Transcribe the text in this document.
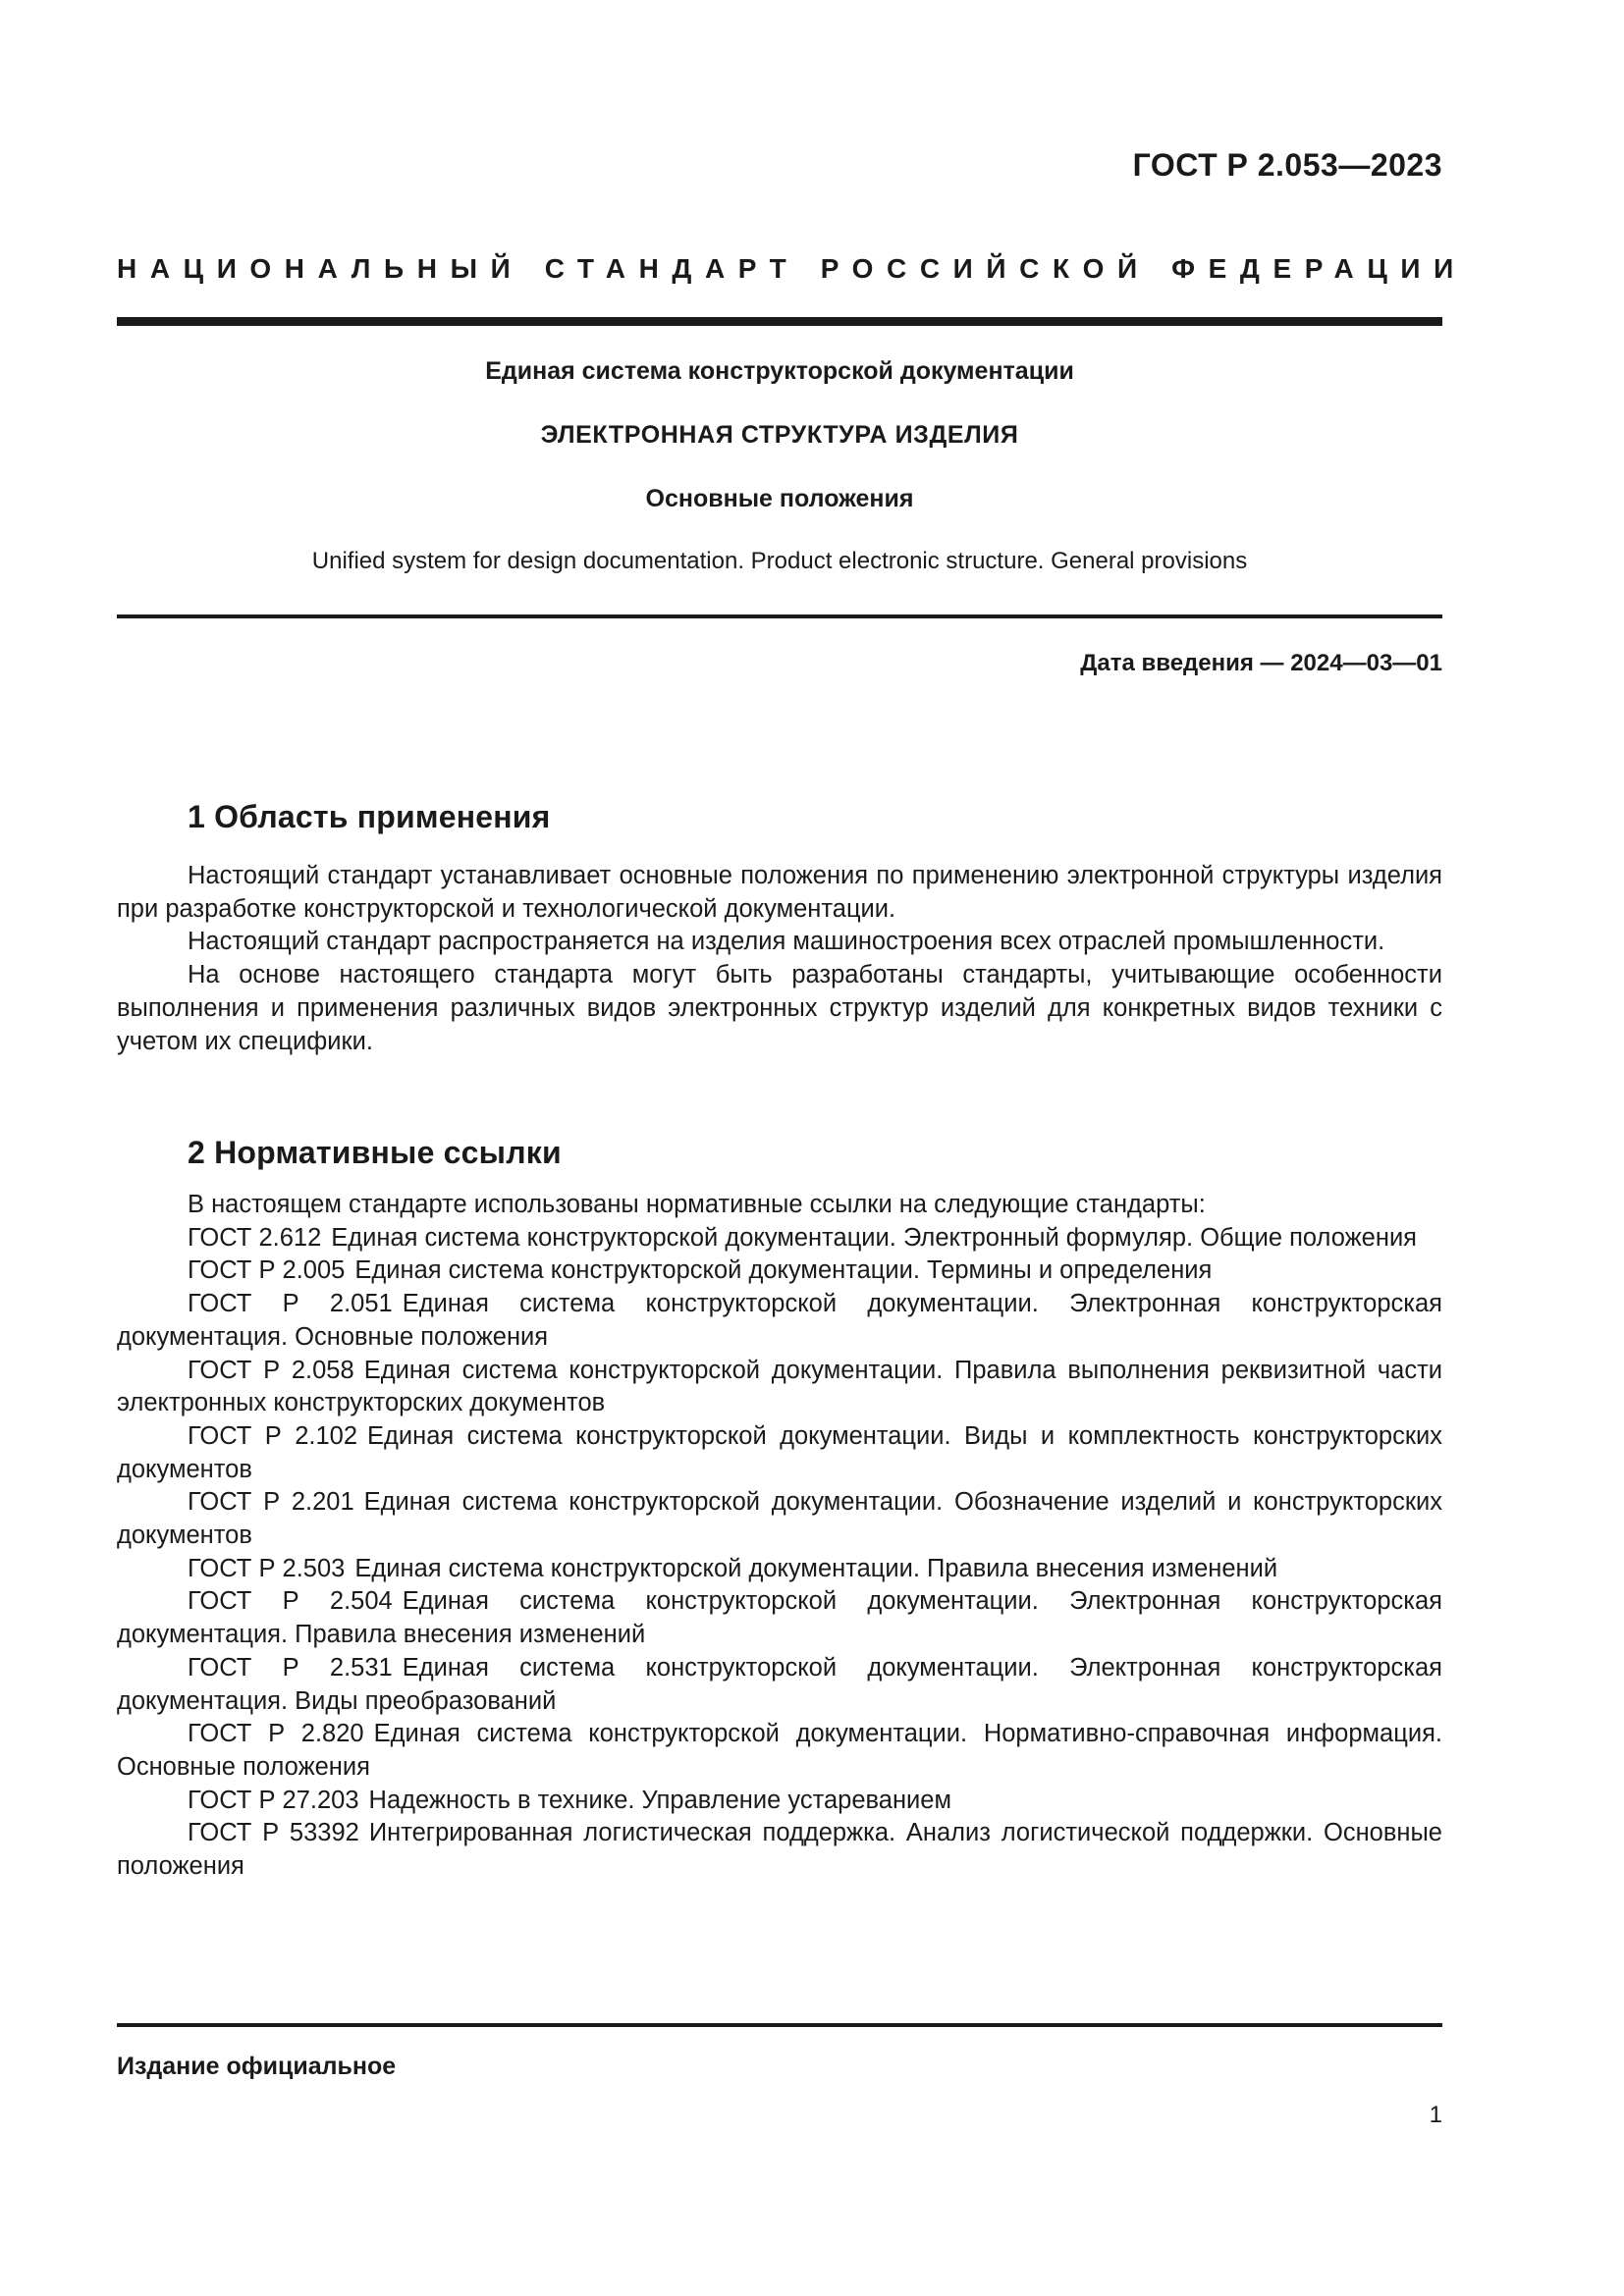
ГОСТ Р 2.053—2023
НАЦИОНАЛЬНЫЙ СТАНДАРТ РОССИЙСКОЙ ФЕДЕРАЦИИ
Единая система конструкторской документации
ЭЛЕКТРОННАЯ СТРУКТУРА ИЗДЕЛИЯ
Основные положения
Unified system for design documentation. Product electronic structure. General provisions
Дата введения — 2024—03—01
1 Область применения

Настоящий стандарт устанавливает основные положения по применению электронной структуры изделия при разработке конструкторской и технологической документации.

Настоящий стандарт распространяется на изделия машиностроения всех отраслей промышленности.

На основе настоящего стандарта могут быть разработаны стандарты, учитывающие особенности выполнения и применения различных видов электронных структур изделий для конкретных видов техники с учетом их специфики.

2 Нормативные ссылки

В настоящем стандарте использованы нормативные ссылки на следующие стандарты:

ГОСТ 2.612 Единая система конструкторской документации. Электронный формуляр. Общие положения

ГОСТ Р 2.005 Единая система конструкторской документации. Термины и определения

ГОСТ Р 2.051 Единая система конструкторской документации. Электронная конструкторская документация. Основные положения

ГОСТ Р 2.058 Единая система конструкторской документации. Правила выполнения реквизитной части электронных конструкторских документов

ГОСТ Р 2.102 Единая система конструкторской документации. Виды и комплектность конструкторских документов

ГОСТ Р 2.201 Единая система конструкторской документации. Обозначение изделий и конструкторских документов

ГОСТ Р 2.503 Единая система конструкторской документации. Правила внесения изменений

ГОСТ Р 2.504 Единая система конструкторской документации. Электронная конструкторская документация. Правила внесения изменений

ГОСТ Р 2.531 Единая система конструкторской документации. Электронная конструкторская документация. Виды преобразований

ГОСТ Р 2.820 Единая система конструкторской документации. Нормативно-справочная информация. Основные положения

ГОСТ Р 27.203 Надежность в технике. Управление устареванием

ГОСТ Р 53392 Интегрированная логистическая поддержка. Анализ логистической поддержки. Основные положения

Издание официальное
1
